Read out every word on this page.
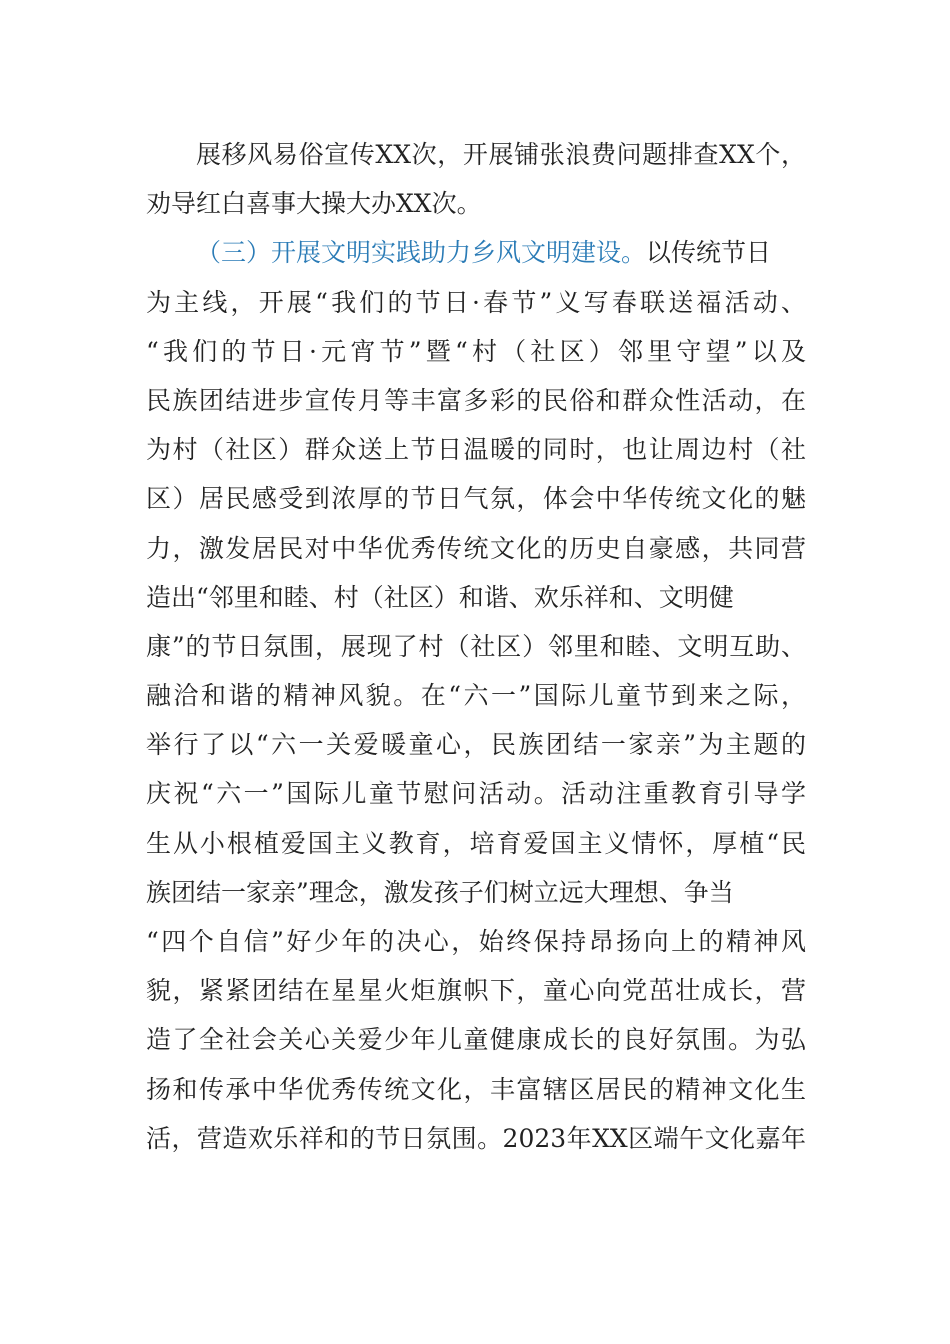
展移风易俗宣传XX次，开展铺张浪费问题排查XX个，
劝导红白喜事大操大办XX次。
（三）开展文明实践助力乡风文明建设。以传统节日
为主线，开展“我们的节日·春节”义写春联送福活动、
“我们的节日·元宵节”暨“村（社区）邻里守望”以及
民族团结进步宣传月等丰富多彩的民俗和群众性活动，在
为村（社区）群众送上节日温暖的同时，也让周边村（社
区）居民感受到浓厚的节日气氛，体会中华传统文化的魅
力，激发居民对中华优秀传统文化的历史自豪感，共同营
造出“邻里和睦、村（社区）和谐、欢乐祥和、文明健
康”的节日氛围，展现了村（社区）邻里和睦、文明互助、
融洽和谐的精神风貌。在“六一”国际儿童节到来之际，
举行了以“六一关爱暖童心，民族团结一家亲”为主题的
庆祝“六一”国际儿童节慰问活动。活动注重教育引导学
生从小根植爱国主义教育，培育爱国主义情怀，厚植“民
族团结一家亲”理念，激发孩子们树立远大理想、争当
“四个自信”好少年的决心，始终保持昂扬向上的精神风
貌，紧紧团结在星星火炬旗帜下，童心向党茁壮成长，营
造了全社会关心关爱少年儿童健康成长的良好氛围。为弘
扬和传承中华优秀传统文化，丰富辖区居民的精神文化生
活，营造欢乐祥和的节日氛围。2023年XX区端午文化嘉年
